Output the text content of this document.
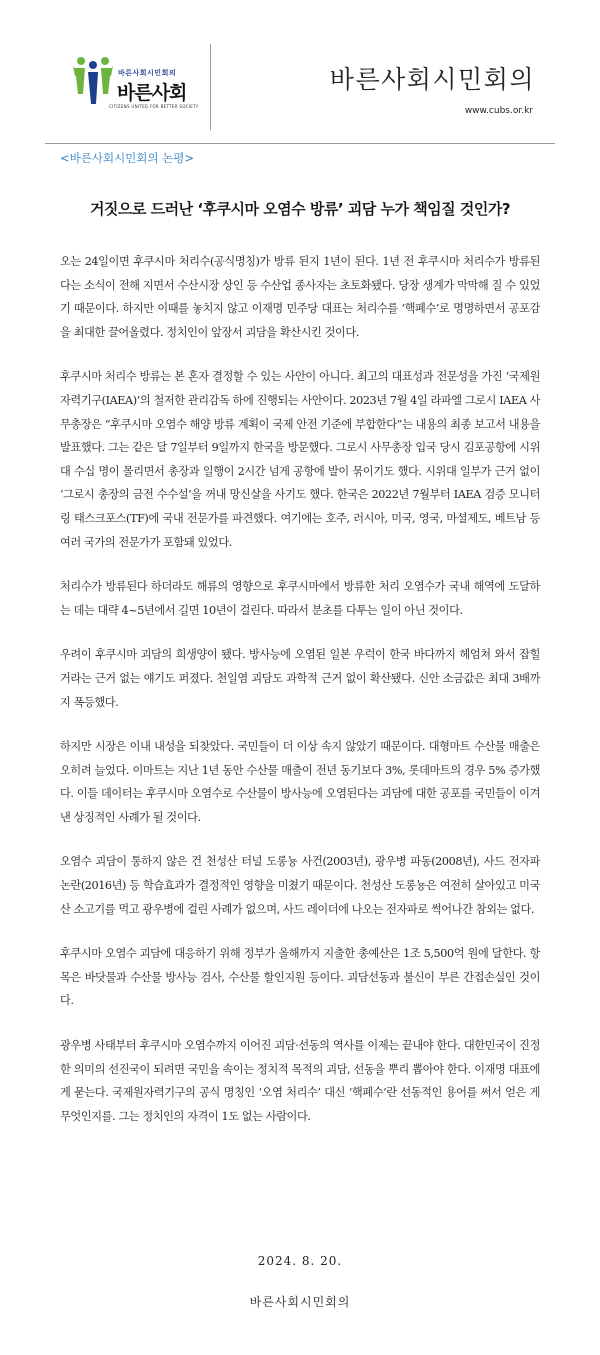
바른사회시민회의
바른사회
CITIZENS UNITED FOR BETTER SOCIETY
바른사회시민회의
www.cubs.or.kr
<바른사회시민회의 논평>
거짓으로 드러난 ‘후쿠시마 오염수 방류’ 괴담 누가 책임질 것인가?

오는 24일이면 후쿠시마 처리수(공식명칭)가 방류 된지 1년이 된다. 1년 전 후쿠시마 처리수가 방류된다는 소식이 전해 지면서 수산시장 상인 등 수산업 종사자는 초토화됐다. 당장 생계가 막막해 질 수 있었기 때문이다. 하지만 이때를 놓치지 않고 이재명 민주당 대표는 처리수를 ‘핵폐수’로 명명하면서 공포감을 최대한 끌어올렸다. 정치인이 앞장서 괴담을 확산시킨 것이다.

후쿠시마 처리수 방류는 본 혼자 결정할 수 있는 사안이 아니다. 최고의 대표성과 전문성을 가진 ‘국제원자력기구(IAEA)’의 철저한 관리감독 하에 진행되는 사안이다. 2023년 7월 4일 라파엘 그로시 IAEA 사무총장은 “후쿠시마 오염수 해양 방류 계획이 국제 안전 기준에 부합한다”는 내용의 최종 보고서 내용을 발표했다. 그는 같은 달 7일부터 9일까지 한국을 방문했다. 그로시 사무총장 입국 당시 김포공항에 시위대 수십 명이 몰리면서 총장과 일행이 2시간 넘게 공항에 발이 묶이기도 했다. 시위대 일부가 근거 없이 ‘그로시 총장의 금전 수수설’을 꺼내 망신살을 사기도 했다. 한국은 2022년 7월부터 IAEA 검증 모니터링 태스크포스(TF)에 국내 전문가를 파견했다. 여기에는 호주, 러시아, 미국, 영국, 마셜제도, 베트남 등 여러 국가의 전문가가 포함돼 있었다.

처리수가 방류된다 하더라도 해류의 영향으로 후쿠시마에서 방류한 처리 오염수가 국내 해역에 도달하는 데는 대략 4~5년에서 길면 10년이 걸린다. 따라서 분초를 다투는 일이 아닌 것이다.

우려이 후쿠시마 괴담의 희생양이 됐다. 방사능에 오염된 일본 우럭이 한국 바다까지 헤엄쳐 와서 잡힐 거라는 근거 없는 얘기도 퍼졌다. 천일염 괴담도 과학적 근거 없이 확산됐다. 신안 소금값은 최대 3배까지 폭등했다.

하지만 시장은 이내 내성을 되찾았다. 국민들이 더 이상 속지 않았기 때문이다. 대형마트 수산물 매출은 오히려 늘었다. 이마트는 지난 1년 동안 수산물 매출이 전년 동기보다 3%, 롯데마트의 경우 5% 증가했다. 이들 데이터는 후쿠시마 오염수로 수산물이 방사능에 오염된다는 괴담에 대한 공포를 국민들이 이겨낸 상징적인 사례가 될 것이다.

오염수 괴담이 통하지 않은 건 천성산 터널 도롱뇽 사건(2003년), 광우병 파동(2008년), 사드 전자파 논란(2016년) 등 학습효과가 결정적인 영향을 미쳤기 때문이다. 천성산 도롱뇽은 여전히 살아있고 미국산 소고기를 먹고 광우병에 걸린 사례가 없으며, 사드 레이더에 나오는 전자파로 썩어나간 참외는 없다.

후쿠시마 오염수 괴담에 대응하기 위해 정부가 올해까지 지출한 총예산은 1조 5,500억 원에 달한다. 항목은 바닷물과 수산물 방사능 검사, 수산물 할인지원 등이다. 괴담선동과 불신이 부른 간접손실인 것이다.

광우병 사태부터 후쿠시마 오염수까지 이어진 괴담·선동의 역사를 이제는 끝내야 한다. 대한민국이 진정한 의미의 선진국이 되려면 국민을 속이는 정치적 목적의 괴담, 선동을 뿌리 뽑아야 한다. 이재명 대표에게 묻는다. 국제원자력기구의 공식 명칭인 ‘오염 처리수’ 대신 ‘핵폐수’란 선동적인 용어를 써서 얻은 게 무엇인지를. 그는 정치인의 자격이 1도 없는 사람이다.

2024. 8. 20.
바른사회시민회의
